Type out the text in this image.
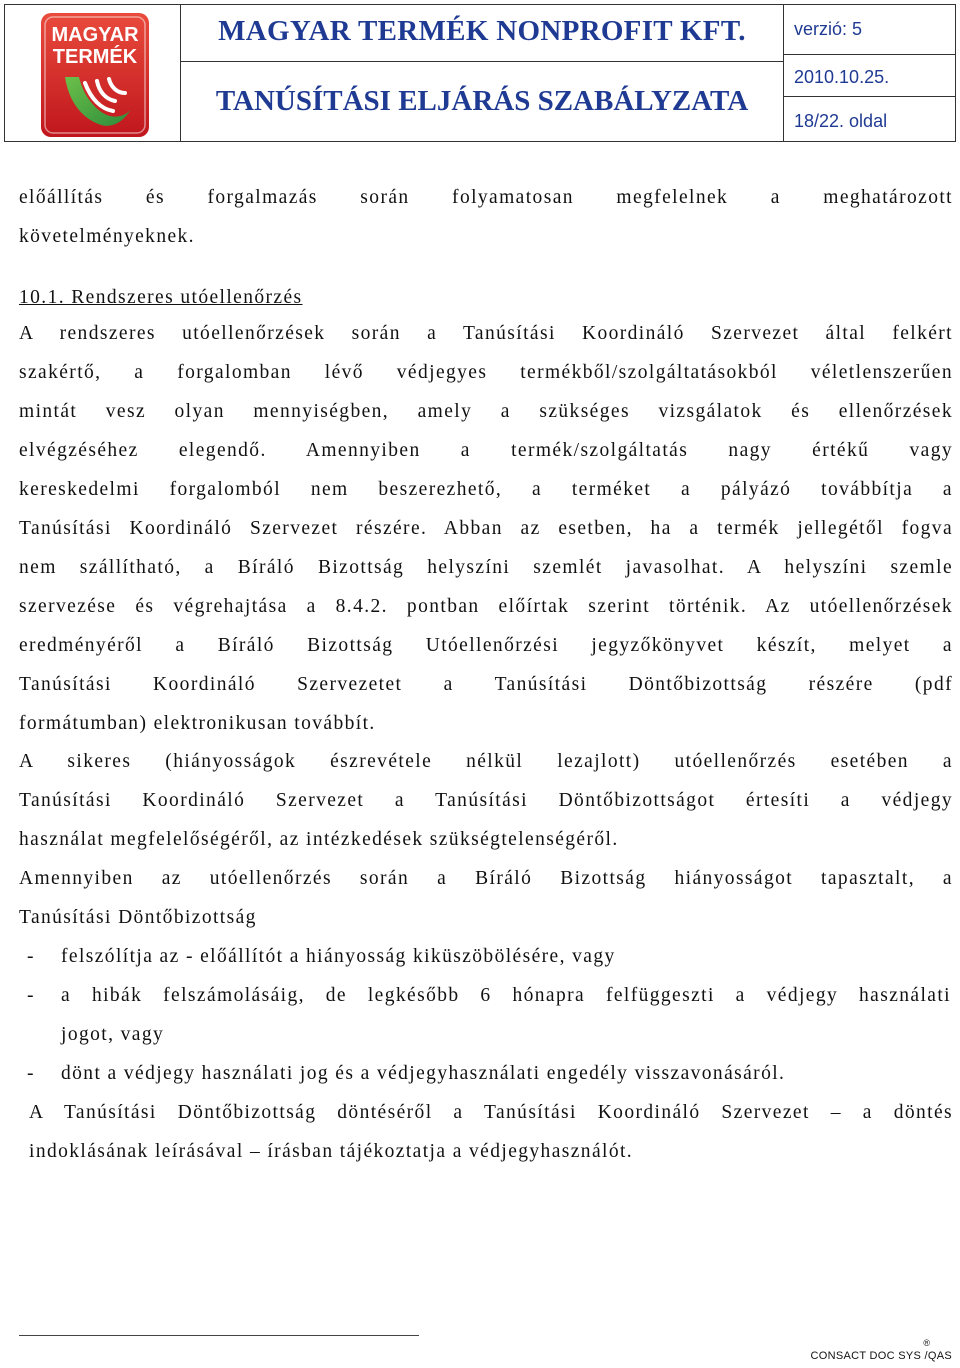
MAGYAR
TERMÉK
MAGYAR TERMÉK NONPROFIT KFT.
TANÚSÍTÁSI ELJÁRÁS SZABÁLYZATA
verzió: 5
2010.10.25.
18/22. oldal
előállítás és forgalmazás során folyamatosan megfelelnek a meghatározott
követelményeknek.
10.1. Rendszeres utóellenőrzés
A rendszeres utóellenőrzések során a Tanúsítási Koordináló Szervezet által felkért
szakértő, a forgalomban lévő védjegyes termékből/szolgáltatásokból véletlenszerűen
mintát vesz olyan mennyiségben, amely a szükséges vizsgálatok és ellenőrzések
elvégzéséhez elegendő. Amennyiben a termék/szolgáltatás nagy értékű vagy
kereskedelmi forgalomból nem beszerezhető, a terméket a pályázó továbbítja a
Tanúsítási Koordináló Szervezet részére. Abban az esetben, ha a termék jellegétől fogva
nem szállítható, a Bíráló Bizottság helyszíni szemlét javasolhat. A helyszíni szemle
szervezése és végrehajtása a 8.4.2. pontban előírtak szerint történik. Az utóellenőrzések
eredményéről a Bíráló Bizottság Utóellenőrzési jegyzőkönyvet készít, melyet a
Tanúsítási Koordináló Szervezetet a Tanúsítási Döntőbizottság részére (pdf
formátumban) elektronikusan továbbít.
A sikeres (hiányosságok észrevétele nélkül lezajlott) utóellenőrzés esetében a
Tanúsítási Koordináló Szervezet a Tanúsítási Döntőbizottságot értesíti a védjegy
használat megfelelőségéről, az intézkedések szükségtelenségéről.
Amennyiben az utóellenőrzés során a Bíráló Bizottság hiányosságot tapasztalt, a
Tanúsítási Döntőbizottság
- felszólítja az - előállítót a hiányosság kiküszöbölésére, vagy
- a hibák felszámolásáig, de legkésőbb 6 hónapra felfüggeszti a védjegy használati
jogot, vagy
- dönt a védjegy használati jog és a védjegyhasználati engedély visszavonásáról.
A Tanúsítási Döntőbizottság döntéséről a Tanúsítási Koordináló Szervezet – a döntés
indoklásának leírásával – írásban tájékoztatja a védjegyhasználót.
®
CONSACT DOC SYS /QAS
